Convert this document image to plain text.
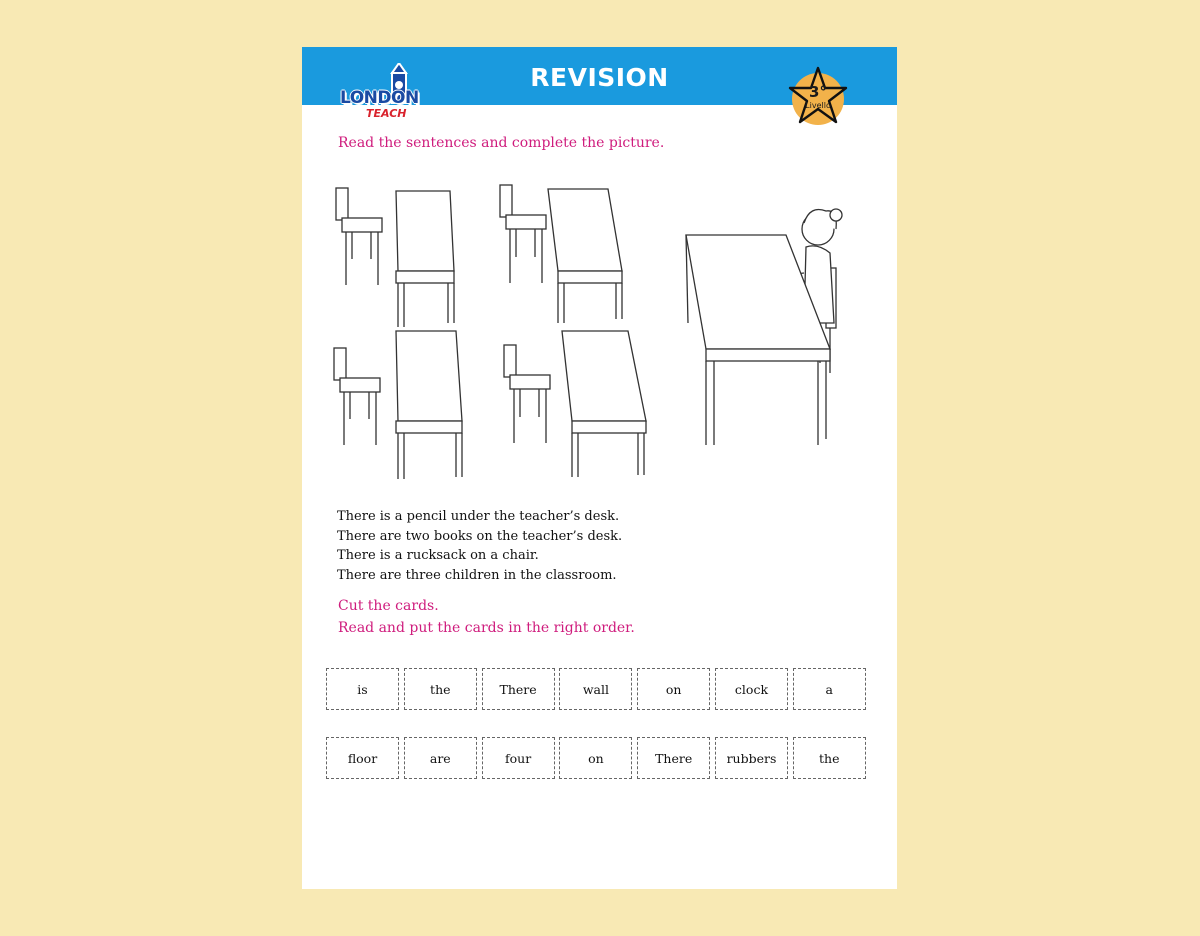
REVISION
LONDON
TEACH
3°
Livello
Read the sentences and complete the picture.
There is a pencil under the teacher’s desk.
There are two books on the teacher’s desk.
There is a rucksack on a chair.
There are three children in the classroom.
Cut the cards.
Read and put the cards in the right order.
is	the	There	wall	on	clock	a
floor	are	four	on	There	rubbers	the
